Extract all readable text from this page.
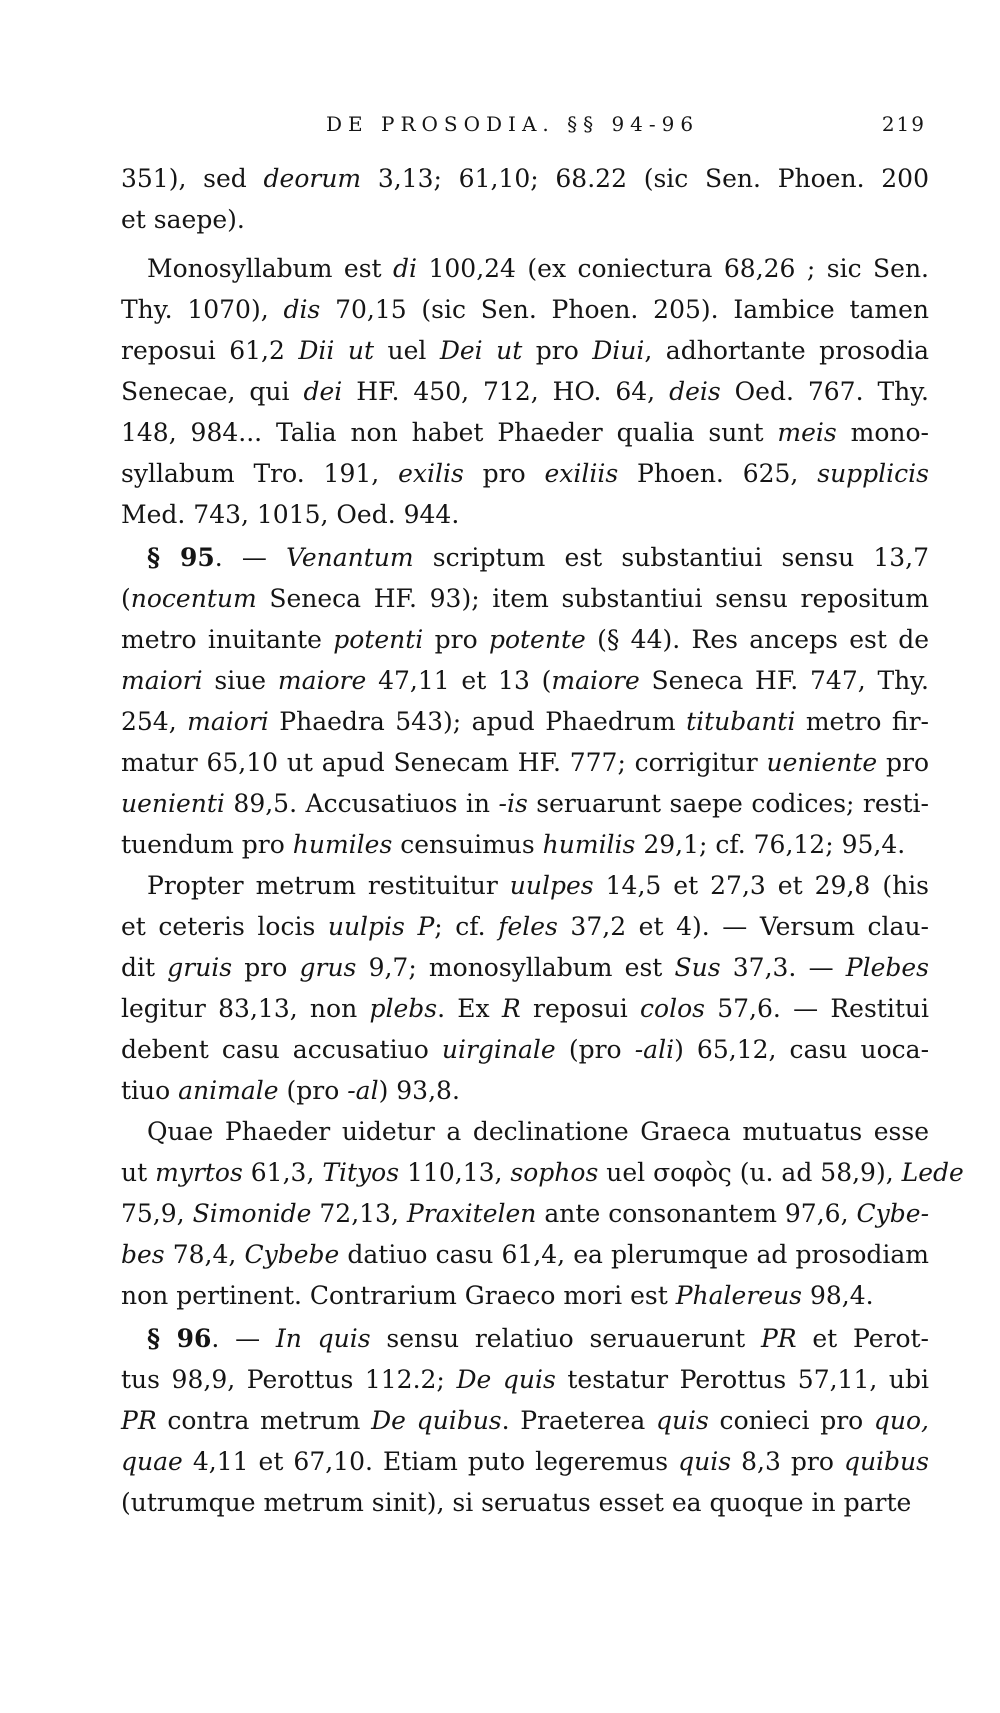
DE PROSODIA. §§ 94-96	219
351), sed deorum 3,13; 61,10; 68.22 (sic Sen. Phoen. 200
et saepe).
Monosyllabum est di 100,24 (ex coniectura 68,26 ; sic Sen.
Thy. 1070), dis 70,15 (sic Sen. Phoen. 205). Iambice tamen
reposui 61,2 Dii ut uel Dei ut pro Diui, adhortante prosodia
Senecae, qui dei HF. 450, 712, HO. 64, deis Oed. 767. Thy.
148, 984... Talia non habet Phaeder qualia sunt meis mono-
syllabum Tro. 191, exilis pro exiliis Phoen. 625, supplicis
Med. 743, 1015, Oed. 944.
§ 95. — Venantum scriptum est substantiui sensu 13,7
(nocentum Seneca HF. 93); item substantiui sensu repositum
metro inuitante potenti pro potente (§ 44). Res anceps est de
maiori siue maiore 47,11 et 13 (maiore Seneca HF. 747, Thy.
254, maiori Phaedra 543); apud Phaedrum titubanti metro fir-
matur 65,10 ut apud Senecam HF. 777; corrigitur ueniente pro
uenienti 89,5. Accusatiuos in -is seruarunt saepe codices; resti-
tuendum pro humiles censuimus humilis 29,1; cf. 76,12; 95,4.
Propter metrum restituitur uulpes 14,5 et 27,3 et 29,8 (his
et ceteris locis uulpis P; cf. feles 37,2 et 4). — Versum clau-
dit gruis pro grus 9,7; monosyllabum est Sus 37,3. — Plebes
legitur 83,13, non plebs. Ex R reposui colos 57,6. — Restitui
debent casu accusatiuo uirginale (pro -ali) 65,12, casu uoca-
tiuo animale (pro -al) 93,8.
Quae Phaeder uidetur a declinatione Graeca mutuatus esse
ut myrtos 61,3, Tityos 110,13, sophos uel σοφὸς (u. ad 58,9), Lede
75,9, Simonide 72,13, Praxitelen ante consonantem 97,6, Cybe-
bes 78,4, Cybebe datiuo casu 61,4, ea plerumque ad prosodiam
non pertinent. Contrarium Graeco mori est Phalereus 98,4.
§ 96. — In quis sensu relatiuo seruauerunt PR et Perot-
tus 98,9, Perottus 112.2; De quis testatur Perottus 57,11, ubi
PR contra metrum De quibus. Praeterea quis conieci pro quo,
quae 4,11 et 67,10. Etiam puto legeremus quis 8,3 pro quibus
(utrumque metrum sinit), si seruatus esset ea quoque in parte
